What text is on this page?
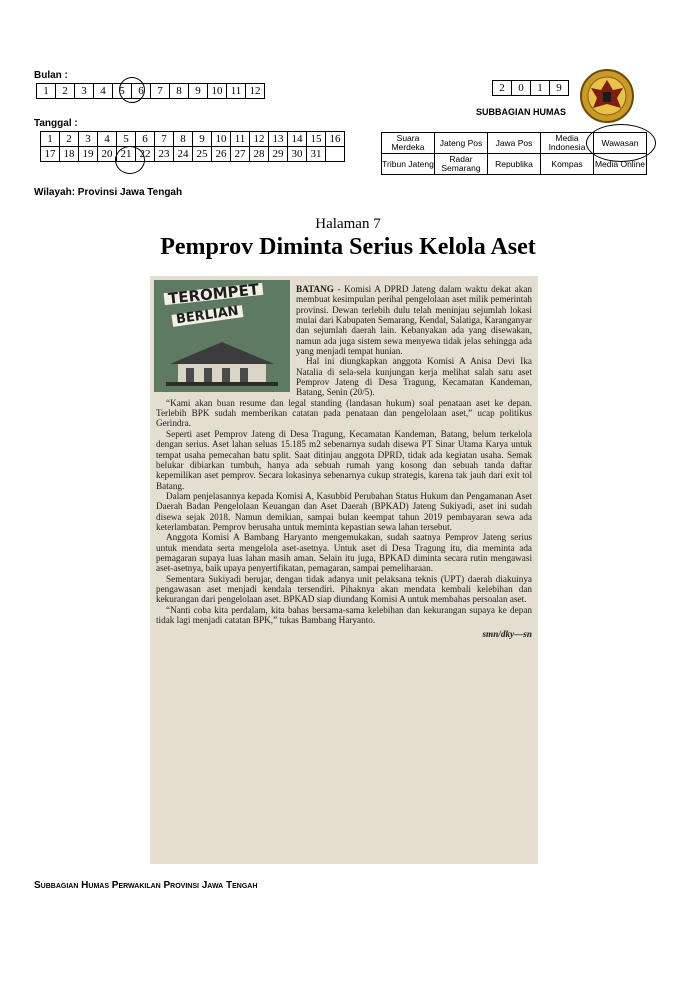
Bulan :
1	2	3	4	5	6	7	8	9	10	11	12
Tanggal :
1	2	3	4	5	6	7	8	9	10	11	12	13	14	15	16
17	18	19	20	21	22	23	24	25	26	27	28	29	30	31	
Wilayah: Provinsi Jawa Tengah
2	0	1	9
SUBBAGIAN HUMAS
Suara Merdeka	Jateng Pos	Jawa Pos	Media Indonesia	Wawasan
Tribun Jateng	Radar Semarang	Republika	Kompas	Media Online
Halaman 7
Pemprov Diminta Serius Kelola Aset
TEROMPET
BERLIAN

BATANG - Komisi A DPRD Jateng dalam waktu dekat akan membuat kesimpulan perihal pengelolaan aset milik pemerintah provinsi. Dewan terlebih dulu telah meninjau sejumlah lokasi mulai dari Kabupaten Semarang, Kendal, Salatiga, Karanganyar dan sejumlah daerah lain. Kebanyakan ada yang disewakan, namun ada juga sistem sewa menyewa tidak jelas sehingga ada yang menjadi tempat hunian.

Hal ini diungkapkan anggota Komisi A Anisa Devi Ika Natalia di sela-sela kunjungan kerja melihat salah satu aset Pemprov Jateng di Desa Tragung, Kecamatan Kandeman, Batang, Senin (20/5).

“Kami akan buan resume dan legal standing (landasan hukum) soal penataan aset ke depan. Terlebih BPK sudah memberikan catatan pada penataan dan pengelolaan aset,” ucap politikus Gerindra.

Seperti aset Pemprov Jateng di Desa Tragung, Kecamatan Kandeman, Batang, belum terkelola dengan serius. Aset lahan seluas 15.185 m2 sebenarnya sudah disewa PT Sinar Utama Karya untuk tempat usaha pemecahan batu split. Saat ditinjau anggota DPRD, tidak ada kegiatan usaha. Semak belukar dibiarkan tumbuh, hanya ada sebuah rumah yang kosong dan sebuah tanda daftar kepemilikan aset pemprov. Secara lokasinya sebenarnya cukup strategis, karena tak jauh dari exit tol Batang.

Dalam penjelasannya kepada Komisi A, Kasubbid Perubahan Status Hukum dan Pengamanan Aset Daerah Badan Pengelolaan Keuangan dan Aset Daerah (BPKAD) Jateng Sukiyadi, aset ini sudah disewa sejak 2018. Namun demikian, sampai bulan keempat tahun 2019 pembayaran sewa ada keterlambatan. Pemprov berusaha untuk meminta kepastian sewa lahan tersebut.

Anggota Komisi A Bambang Haryanto mengemukakan, sudah saatnya Pemprov Jateng serius untuk mendata serta mengelola aset-asetnya. Untuk aset di Desa Tragung itu, dia meminta ada pemagaran supaya luas lahan masih aman. Selain itu juga, BPKAD diminta secara rutin mengawasi aset-asetnya, baik upaya penyertifikatan, pemagaran, sampai pemeliharaan.

Sementara Sukiyadi berujar, dengan tidak adanya unit pelaksana teknis (UPT) daerah diakuinya pengawasan aset menjadi kendala tersendiri. Pihaknya akan mendata kembali kelebihan dan kekurangan dari pengelolaan aset. BPKAD siap diundang Komisi A untuk membahas persoalan aset.

“Nanti coba kita perdalam, kita bahas bersama-sama kelebihan dan kekurangan supaya ke depan tidak lagi menjadi catatan BPK,” tukas Bambang Haryanto.

smn/dky—sn
Subbagian Humas Perwakilan Provinsi Jawa Tengah
